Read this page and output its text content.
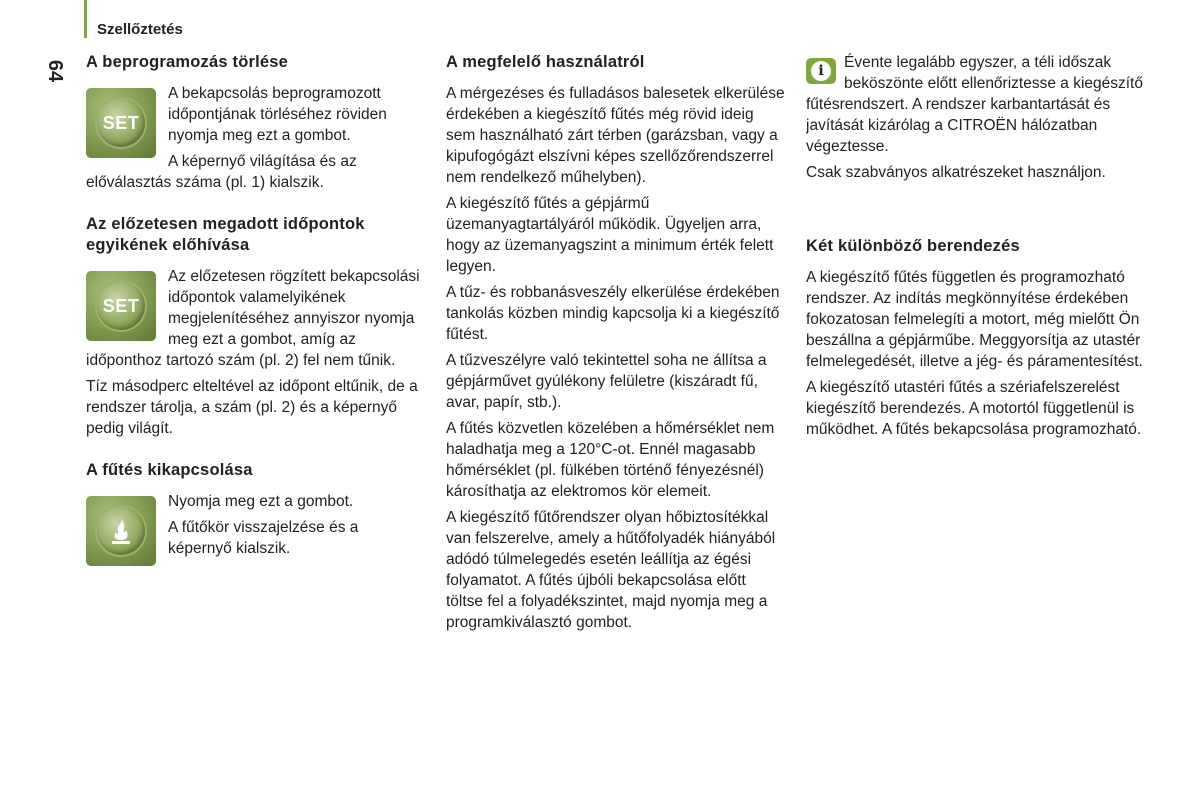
Szellőztetés
64 A beprogramozás törlése
SET

A bekapcsolás beprogramozott időpontjának törléséhez röviden nyomja meg ezt a gombot.

A képernyő világítása és az előválasztás száma (pl. 1) kialszik.

Az előzetesen megadott időpontok egyikének előhívása
SET

Az előzetesen rögzített bekapcsolási időpontok valamelyikének megjelenítéséhez annyiszor nyomja meg ezt a gombot, amíg az időponthoz tartozó szám (pl. 2) fel nem tűnik.

Tíz másodperc elteltével az időpont eltűnik, de a rendszer tárolja, a szám (pl. 2) és a képernyő pedig világít.

A fűtés kikapcsolása

Nyomja meg ezt a gombot.

A fűtőkör visszajelzése és a képernyő kialszik.

A megfelelő használatról

A mérgezéses és fulladásos balesetek elkerülése érdekében a kiegészítő fűtés még rövid ideig sem használható zárt térben (garázsban, vagy a kipufogógázt elszívni képes szellőzőrendszerrel nem rendelkező műhelyben).

A kiegészítő fűtés a gépjármű üzemanyagtartályáról működik. Ügyeljen arra, hogy az üzemanyagszint a minimum érték felett legyen.

A tűz- és robbanásveszély elkerülése érdekében tankolás közben mindig kapcsolja ki a kiegészítő fűtést.

A tűzveszélyre való tekintettel soha ne állítsa a gépjárművet gyúlékony felületre (kiszáradt fű, avar, papír, stb.).

A fűtés közvetlen közelében a hőmérséklet nem haladhatja meg a 120°C-ot. Ennél magasabb hőmérséklet (pl. fülkében történő fényezésnél) károsíthatja az elektromos kör elemeit.

A kiegészítő fűtőrendszer olyan hőbiztosítékkal van felszerelve, amely a hűtőfolyadék hiányából adódó túlmelegedés esetén leállítja az égési folyamatot. A fűtés újbóli bekapcsolása előtt töltse fel a folyadékszintet, majd nyomja meg a programkiválasztó gombot.

i	Évente legalább egyszer, a téli időszak beköszönte előtt ellenőriztesse a kiegészítő fűtésrendszert. A rendszer karbantartását és javítását kizárólag a CITROËN hálózatban végeztesse.

Csak szabványos alkatrészeket használjon.

Két különböző berendezés

A kiegészítő fűtés független és programozható rendszer. Az indítás megkönnyítése érdekében fokozatosan felmelegíti a motort, még mielőtt Ön beszállna a gépjárműbe. Meggyorsítja az utastér felmelegedését, illetve a jég- és páramentesítést.

A kiegészítő utastéri fűtés a szériafelszerelést kiegészítő berendezés. A motortól függetlenül is működhet. A fűtés bekapcsolása programozható.
